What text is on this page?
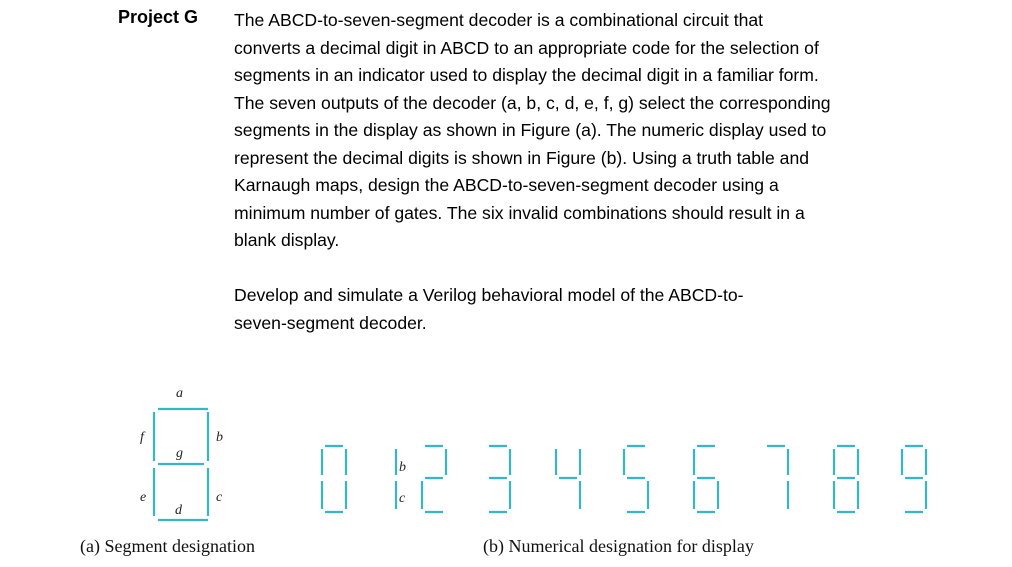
Project G The ABCD-to-seven-segment decoder is a combinational circuit that
converts a decimal digit in ABCD to an appropriate code for the selection of
segments in an indicator used to display the decimal digit in a familiar form.
The seven outputs of the decoder (a, b, c, d, e, f, g) select the corresponding
segments in the display as shown in Figure (a). The numeric display used to
represent the decimal digits is shown in Figure (b). Using a truth table and
Karnaugh maps, design the ABCD-to-seven-segment decoder using a
minimum number of gates. The six invalid combinations should result in a
blank display.
Develop and simulate a Verilog behavioral model of the ABCD-to-
seven-segment decoder.
a
b
c
d
e
f
g
(a) Segment designation
b
c
(b) Numerical designation for display
